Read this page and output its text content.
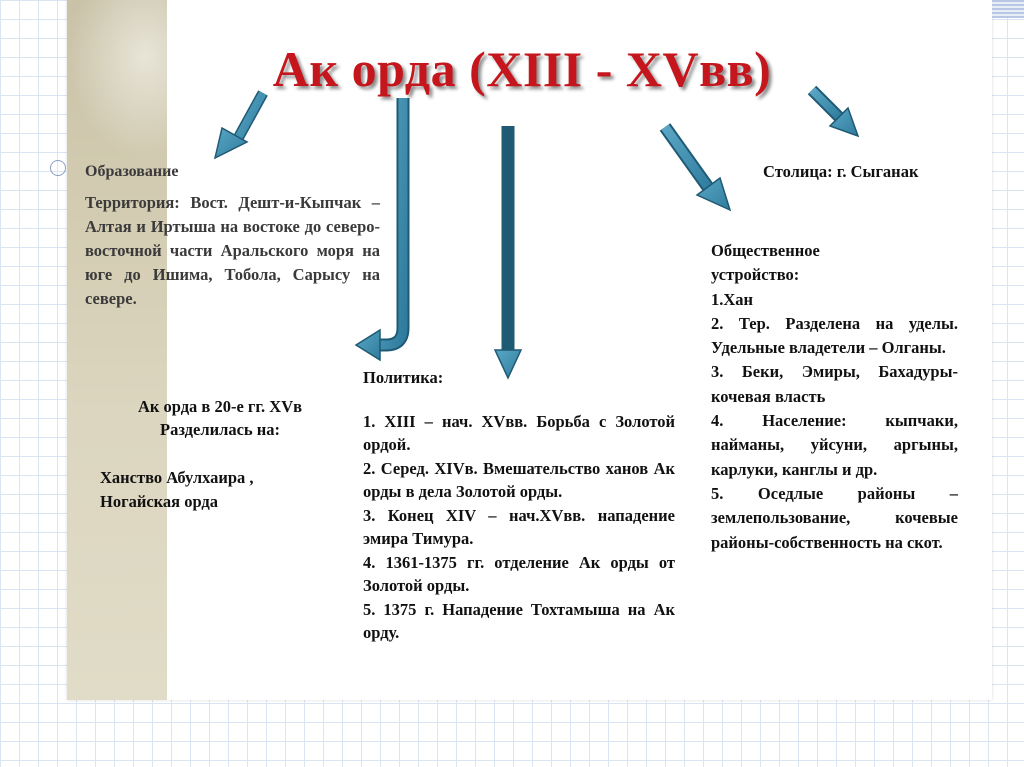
Ак орда (XIII - XVвв)
Образование
Территория: Вост. Дешт-и-Кыпчак – Алтая и Иртыша на востоке до северо-восточной части Аральского моря на юге до Ишима, Тобола, Сарысу на севере.

Ак орда в 20-е гг. XVв

Разделилась на:

Ханство Абулхаира ,

Ногайская орда

Столица: г. Сыганак

Политика:

1. XIII – нач. XVвв. Борьба с Золотой ордой.

2. Серед. XIVв. Вмешательство ханов Ак орды в дела Золотой орды.

3. Конец XIV – нач.XVвв. нападение эмира Тимура.

4. 1361-1375 гг. отделение Ак орды от Золотой орды.

5. 1375 г. Нападение Тохтамыша на Ак орду.

Общественное устройство:

1.Хан

2. Тер. Разделена на уделы. Удельные владетели – Олганы.

3. Беки, Эмиры, Бахадуры-кочевая власть

4. Население: кыпчаки, найманы, уйсуни, аргыны, карлуки, канглы и др.

5. Оседлые районы – землепользование, кочевые районы-собственность на скот.
